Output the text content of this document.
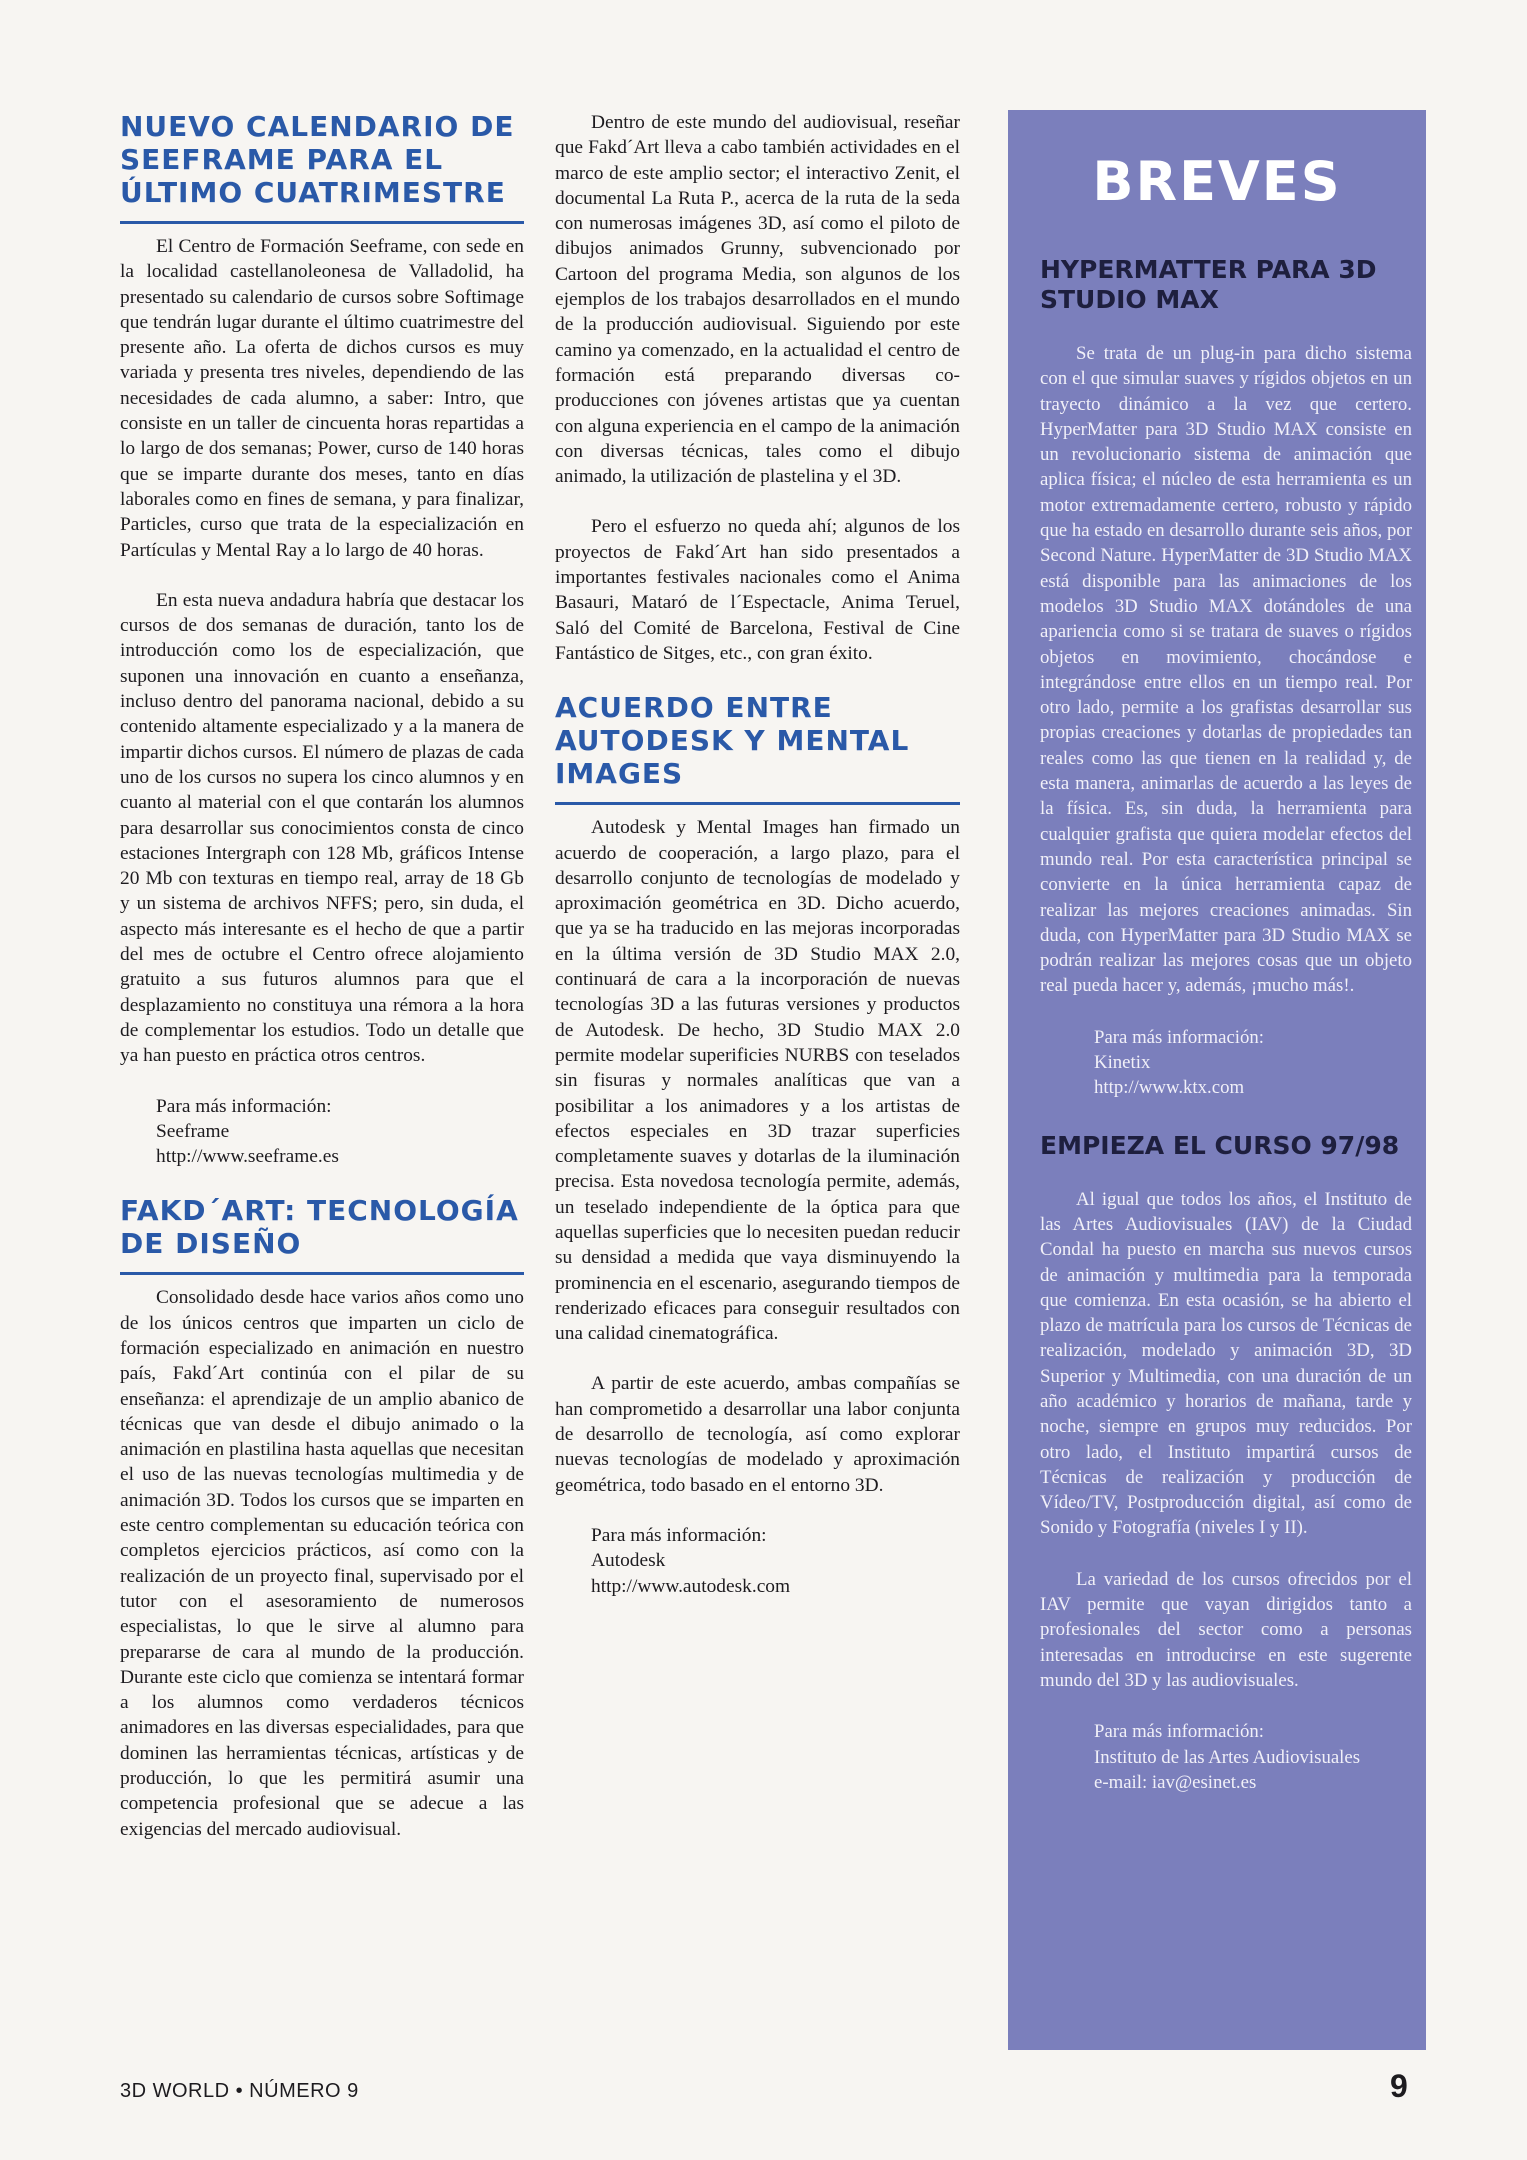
NUEVO CALENDARIO DE SEEFRAME PARA EL ÚLTIMO CUATRIMESTRE

El Centro de Formación Seeframe, con sede en la localidad castellanoleonesa de Valladolid, ha presentado su calendario de cursos sobre Softimage que tendrán lugar durante el último cuatrimestre del presente año. La oferta de dichos cursos es muy variada y presenta tres niveles, dependiendo de las necesidades de cada alumno, a saber: Intro, que consiste en un taller de cincuenta horas repartidas a lo largo de dos semanas; Power, curso de 140 horas que se imparte durante dos meses, tanto en días laborales como en fines de semana, y para finalizar, Particles, curso que trata de la especialización en Partículas y Mental Ray a lo largo de 40 horas.

En esta nueva andadura habría que destacar los cursos de dos semanas de duración, tanto los de introducción como los de especialización, que suponen una innovación en cuanto a enseñanza, incluso dentro del panorama nacional, debido a su contenido altamente especializado y a la manera de impartir dichos cursos. El número de plazas de cada uno de los cursos no supera los cinco alumnos y en cuanto al material con el que contarán los alumnos para desarrollar sus conocimientos consta de cinco estaciones Intergraph con 128 Mb, gráficos Intense 20 Mb con texturas en tiempo real, array de 18 Gb y un sistema de archivos NFFS; pero, sin duda, el aspecto más interesante es el hecho de que a partir del mes de octubre el Centro ofrece alojamiento gratuito a sus futuros alumnos para que el desplazamiento no constituya una rémora a la hora de complementar los estudios. Todo un detalle que ya han puesto en práctica otros centros.

Para más información:
Seeframe
http://www.seeframe.es
FAKD´ART: TECNOLOGÍA DE DISEÑO

Consolidado desde hace varios años como uno de los únicos centros que imparten un ciclo de formación especializado en animación en nuestro país, Fakd´Art continúa con el pilar de su enseñanza: el aprendizaje de un amplio abanico de técnicas que van desde el dibujo animado o la animación en plastilina hasta aquellas que necesitan el uso de las nuevas tecnologías multimedia y de animación 3D. Todos los cursos que se imparten en este centro complementan su educación teórica con completos ejercicios prácticos, así como con la realización de un proyecto final, supervisado por el tutor con el asesoramiento de numerosos especialistas, lo que le sirve al alumno para prepararse de cara al mundo de la producción. Durante este ciclo que comienza se intentará formar a los alumnos como verdaderos técnicos animadores en las diversas especialidades, para que dominen las herramientas técnicas, artísticas y de producción, lo que les permitirá asumir una competencia profesional que se adecue a las exigencias del mercado audiovisual.

Dentro de este mundo del audiovisual, reseñar que Fakd´Art lleva a cabo también actividades en el marco de este amplio sector; el interactivo Zenit, el documental La Ruta P., acerca de la ruta de la seda con numerosas imágenes 3D, así como el piloto de dibujos animados Grunny, subvencionado por Cartoon del programa Media, son algunos de los ejemplos de los trabajos desarrollados en el mundo de la producción audiovisual. Siguiendo por este camino ya comenzado, en la actualidad el centro de formación está preparando diversas co-producciones con jóvenes artistas que ya cuentan con alguna experiencia en el campo de la animación con diversas técnicas, tales como el dibujo animado, la utilización de plastelina y el 3D.

Pero el esfuerzo no queda ahí; algunos de los proyectos de Fakd´Art han sido presentados a importantes festivales nacionales como el Anima Basauri, Mataró de l´Espectacle, Anima Teruel, Saló del Comité de Barcelona, Festival de Cine Fantástico de Sitges, etc., con gran éxito.

ACUERDO ENTRE AUTODESK Y MENTAL IMAGES

Autodesk y Mental Images han firmado un acuerdo de cooperación, a largo plazo, para el desarrollo conjunto de tecnologías de modelado y aproximación geométrica en 3D. Dicho acuerdo, que ya se ha traducido en las mejoras incorporadas en la última versión de 3D Studio MAX 2.0, continuará de cara a la incorporación de nuevas tecnologías 3D a las futuras versiones y productos de Autodesk. De hecho, 3D Studio MAX 2.0 permite modelar superificies NURBS con teselados sin fisuras y normales analíticas que van a posibilitar a los animadores y a los artistas de efectos especiales en 3D trazar superficies completamente suaves y dotarlas de la iluminación precisa. Esta novedosa tecnología permite, además, un teselado independiente de la óptica para que aquellas superficies que lo necesiten puedan reducir su densidad a medida que vaya disminuyendo la prominencia en el escenario, asegurando tiempos de renderizado eficaces para conseguir resultados con una calidad cinematográfica.

A partir de este acuerdo, ambas compañías se han comprometido a desarrollar una labor conjunta de desarrollo de tecnología, así como explorar nuevas tecnologías de modelado y aproximación geométrica, todo basado en el entorno 3D.

Para más información:
Autodesk
http://www.autodesk.com
BREVES
HYPERMATTER PARA 3D STUDIO MAX

Se trata de un plug-in para dicho sistema con el que simular suaves y rígidos objetos en un trayecto dinámico a la vez que certero. HyperMatter para 3D Studio MAX consiste en un revolucionario sistema de animación que aplica física; el núcleo de esta herramienta es un motor extremadamente certero, robusto y rápido que ha estado en desarrollo durante seis años, por Second Nature. HyperMatter de 3D Studio MAX está disponible para las animaciones de los modelos 3D Studio MAX dotándoles de una apariencia como si se tratara de suaves o rígidos objetos en movimiento, chocándose e integrándose entre ellos en un tiempo real. Por otro lado, permite a los grafistas desarrollar sus propias creaciones y dotarlas de propiedades tan reales como las que tienen en la realidad y, de esta manera, animarlas de acuerdo a las leyes de la física. Es, sin duda, la herramienta para cualquier grafista que quiera modelar efectos del mundo real. Por esta característica principal se convierte en la única herramienta capaz de realizar las mejores creaciones animadas. Sin duda, con HyperMatter para 3D Studio MAX se podrán realizar las mejores cosas que un objeto real pueda hacer y, además, ¡mucho más!.

Para más información:
Kinetix
http://www.ktx.com
EMPIEZA EL CURSO 97/98

Al igual que todos los años, el Instituto de las Artes Audiovisuales (IAV) de la Ciudad Condal ha puesto en marcha sus nuevos cursos de animación y multimedia para la temporada que comienza. En esta ocasión, se ha abierto el plazo de matrícula para los cursos de Técnicas de realización, modelado y animación 3D, 3D Superior y Multimedia, con una duración de un año académico y horarios de mañana, tarde y noche, siempre en grupos muy reducidos. Por otro lado, el Instituto impartirá cursos de Técnicas de realización y producción de Vídeo/TV, Postproducción digital, así como de Sonido y Fotografía (niveles I y II).

La variedad de los cursos ofrecidos por el IAV permite que vayan dirigidos tanto a profesionales del sector como a personas interesadas en introducirse en este sugerente mundo del 3D y las audiovisuales.

Para más información:
Instituto de las Artes Audiovisuales
e-mail: iav@esinet.es
3D WORLD • NÚMERO 9	9
